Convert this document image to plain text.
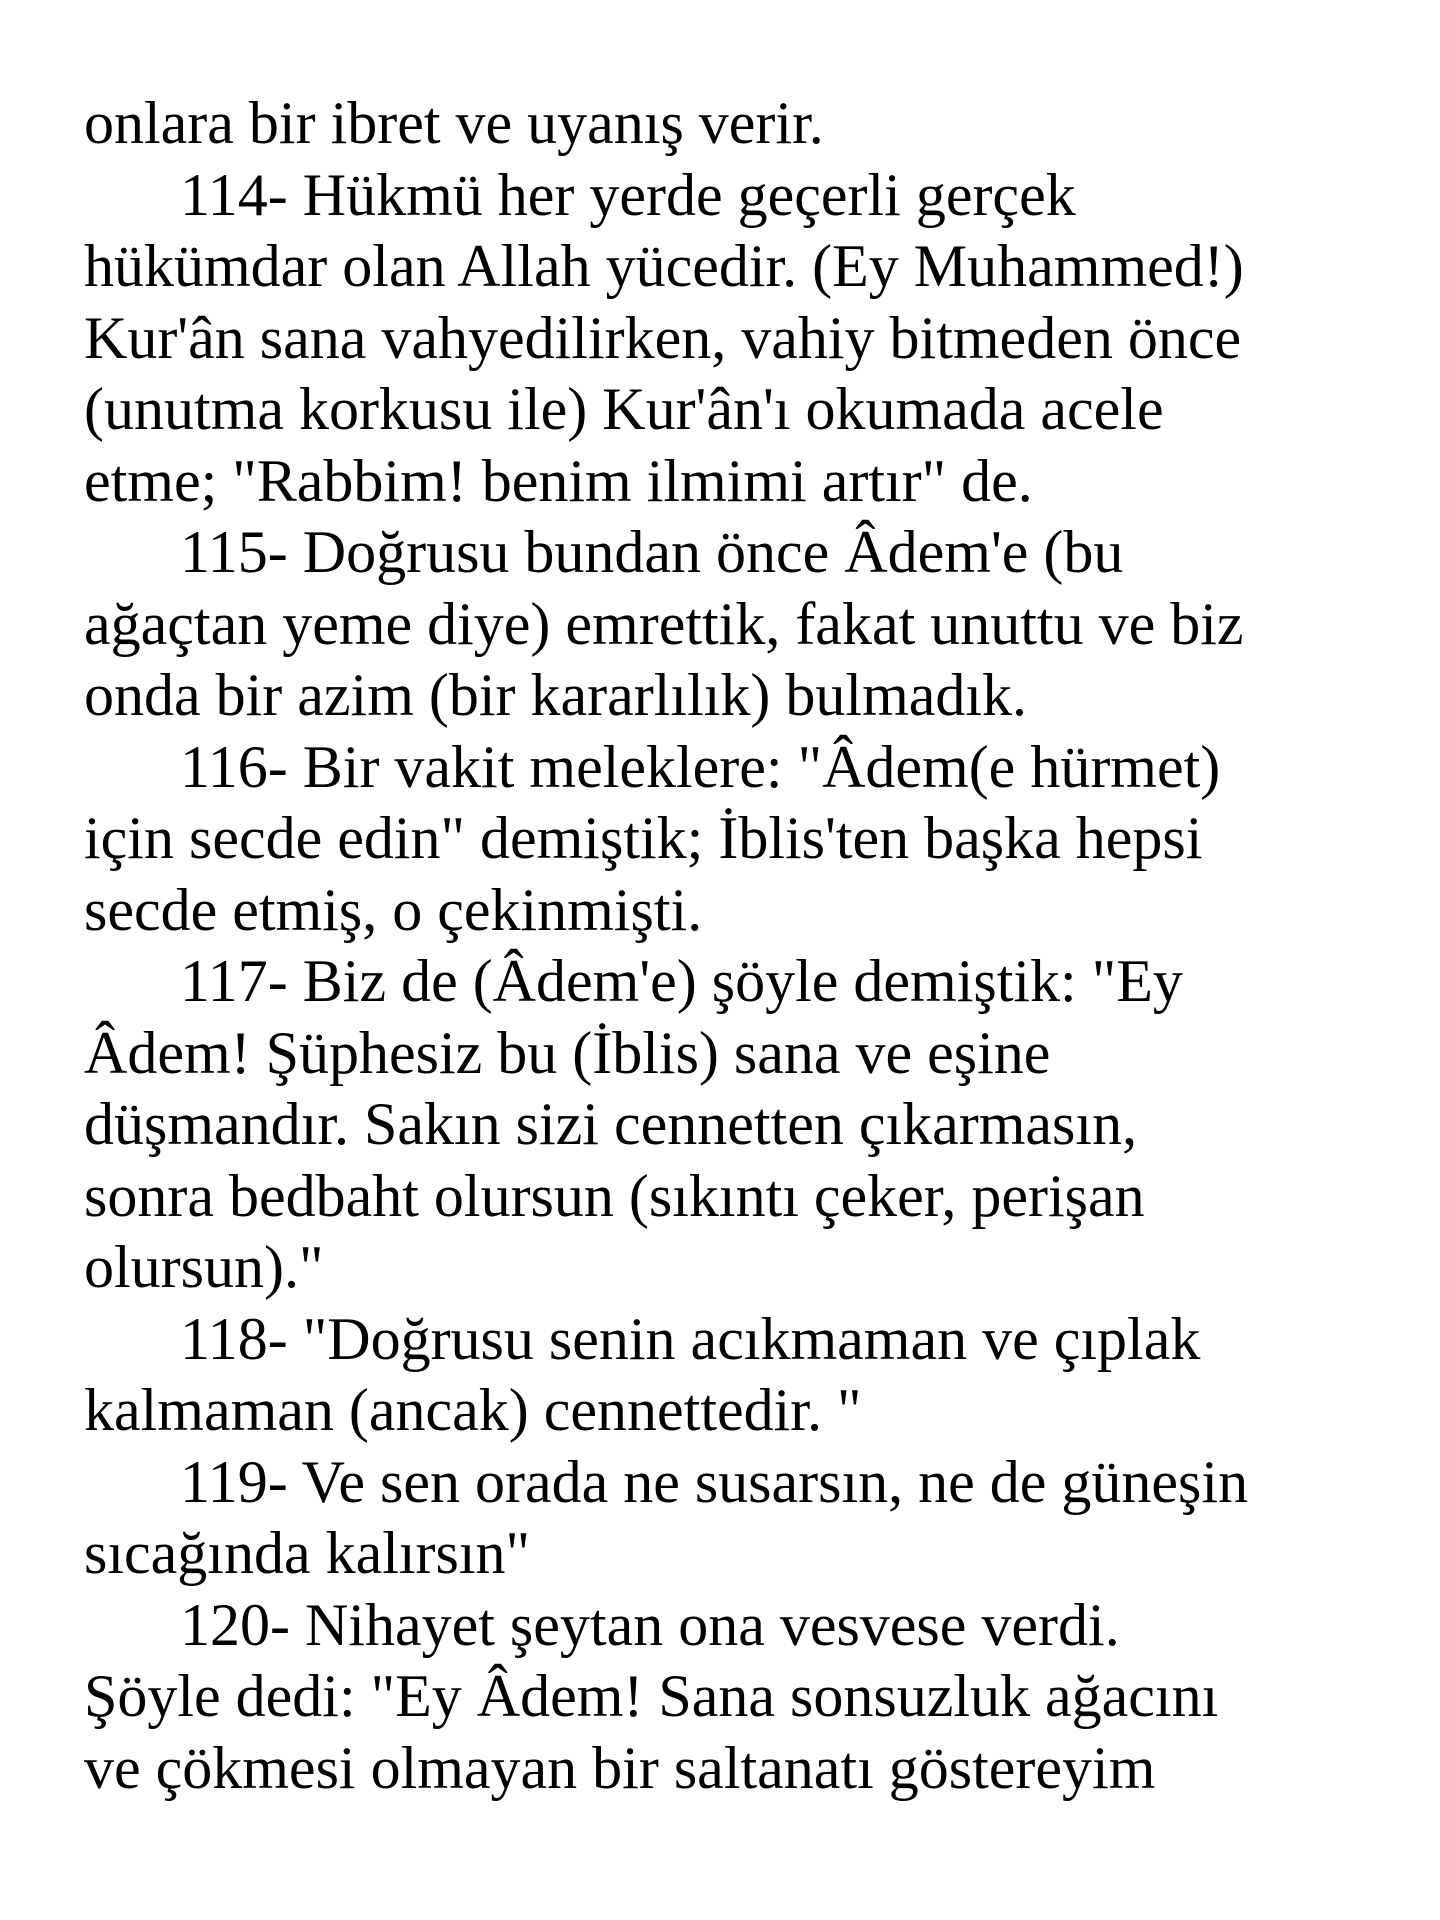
onlara bir ibret ve uyanış verir.
114- Hükmü her yerde geçerli gerçek
hükümdar olan Allah yücedir. (Ey Muhammed!)
Kur'ân sana vahyedilirken, vahiy bitmeden önce
(unutma korkusu ile) Kur'ân'ı okumada acele
etme; "Rabbim! benim ilmimi artır" de.
115- Doğrusu bundan önce Âdem'e (bu
ağaçtan yeme diye) emrettik, fakat unuttu ve biz
onda bir azim (bir kararlılık) bulmadık.
116- Bir vakit meleklere: "Âdem(e hürmet)
için secde edin" demiştik; İblis'ten başka hepsi
secde etmiş, o çekinmişti.
117- Biz de (Âdem'e) şöyle demiştik: "Ey
Âdem! Şüphesiz bu (İblis) sana ve eşine
düşmandır. Sakın sizi cennetten çıkarmasın,
sonra bedbaht olursun (sıkıntı çeker, perişan
olursun)."
118- "Doğrusu senin acıkmaman ve çıplak
kalmaman (ancak) cennettedir. "
119- Ve sen orada ne susarsın, ne de güneşin
sıcağında kalırsın"
120- Nihayet şeytan ona vesvese verdi.
Şöyle dedi: "Ey Âdem! Sana sonsuzluk ağacını
ve çökmesi olmayan bir saltanatı göstereyim
